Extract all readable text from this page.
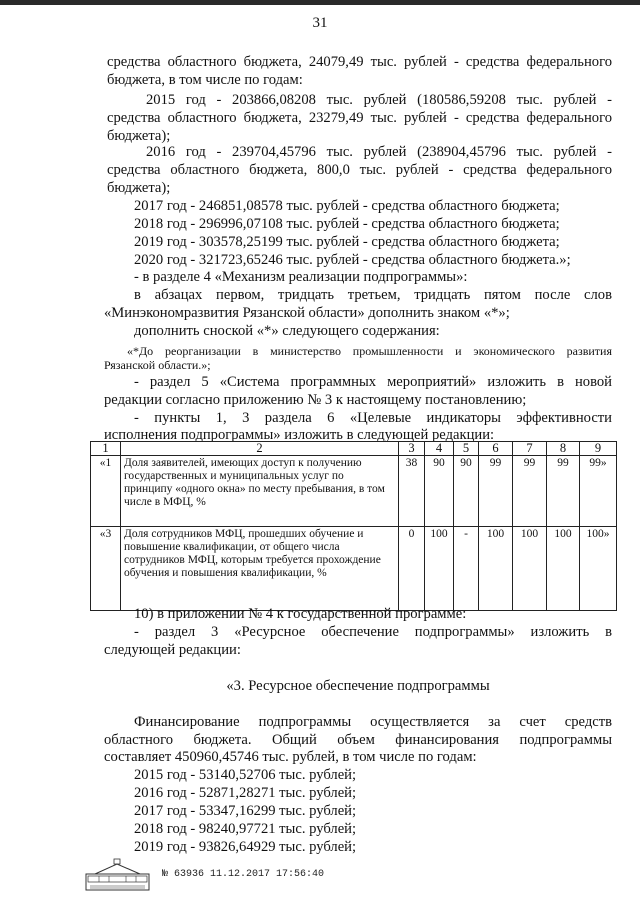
31
средства областного бюджета, 24079,49 тыс. рублей - средства федерального
бюджета, в том числе по годам:
2015 год - 203866,08208 тыс. рублей (180586,59208 тыс. рублей -
средства областного бюджета, 23279,49 тыс. рублей - средства федерального
бюджета);
2016 год - 239704,45796 тыс. рублей (238904,45796 тыс. рублей -
средства областного бюджета, 800,0 тыс. рублей - средства федерального
бюджета);
2017 год - 246851,08578 тыс. рублей - средства областного бюджета;
2018 год - 296996,07108 тыс. рублей - средства областного бюджета;
2019 год - 303578,25199 тыс. рублей - средства областного бюджета;
2020 год - 321723,65246 тыс. рублей - средства областного бюджета.»;
- в разделе 4 «Механизм реализации подпрограммы»:
в абзацах первом, тридцать третьем, тридцать пятом после слов
«Минэкономразвития Рязанской области» дополнить знаком «*»;
дополнить сноской «*» следующего содержания:
«*До реорганизации в министерство промышленности и экономического развития
Рязанской области.»;
- раздел 5 «Система программных мероприятий» изложить в новой
редакции согласно приложению № 3 к настоящему постановлению;
- пункты 1, 3 раздела 6 «Целевые индикаторы эффективности
исполнения подпрограммы» изложить в следующей редакции:
1	2	3	4	5	6	7	8	9
«1	Доля заявителей, имеющих доступ к получению государственных и муниципальных услуг по принципу «одного окна» по месту пребывания, в том числе в МФЦ, %	38	90	90	99	99	99	99»
«3	Доля сотрудников МФЦ, прошедших обучение и повышение квалификации, от общего числа сотрудников МФЦ, которым требуется прохождение обучения и повышения квалификации, %	0	100	-	100	100	100	100»
10) в приложении № 4 к государственной программе:
- раздел 3 «Ресурсное обеспечение подпрограммы» изложить в
следующей редакции:
«3. Ресурсное обеспечение подпрограммы
Финансирование подпрограммы осуществляется за счет средств
областного бюджета. Общий объем финансирования подпрограммы
составляет 450960,45746 тыс. рублей, в том числе по годам:
2015 год - 53140,52706 тыс. рублей;
2016 год - 52871,28271 тыс. рублей;
2017 год - 53347,16299 тыс. рублей;
2018 год - 98240,97721 тыс. рублей;
2019 год - 93826,64929 тыс. рублей;
№ 63936 11.12.2017 17:56:40
